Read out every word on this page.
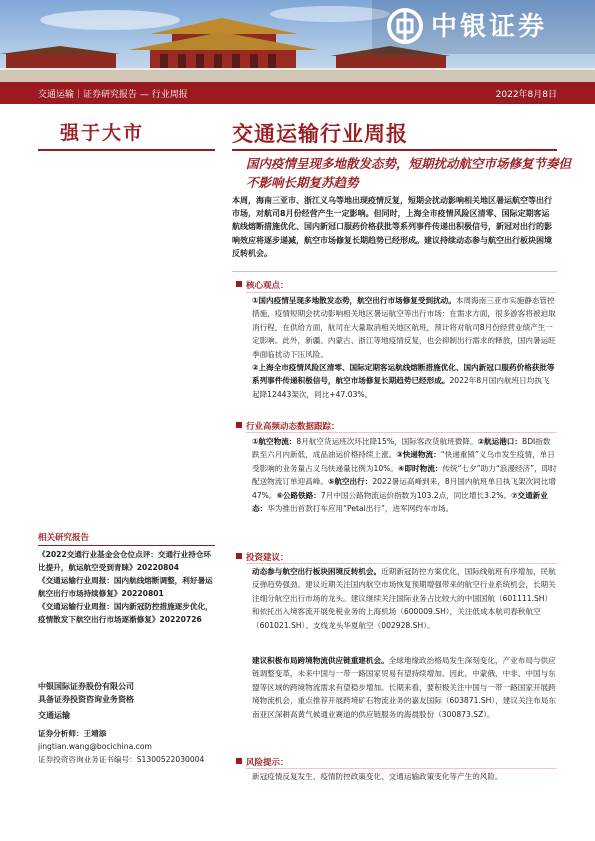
中银证券
交通运输｜证券研究报告 — 行业周报	2022年8月8日
强于大市	交通运输行业周报
国内疫情呈现多地散发态势，短期扰动航空市场修复节奏但不影响长期复苏趋势
本周，海南三亚市、浙江义乌等地出现疫情反复，短期会扰动影响相关地区暑运航空等出行市场，对航司8月份经营产生一定影响。但同时，上海全市疫情风险区清零、国际定期客运航线熔断措施优化、国内新冠口服药价格获批等系列事件传递出积极信号，新冠对出行的影响效应将逐步递减，航空市场修复长期趋势已经形成。建议持续动态参与航空出行板块困境反转机会。
核心观点：
①国内疫情呈现多地散发态势，航空出行市场修复受到扰动。本周海南三亚市实施静态管控措施，疫情短期会扰动影响相关地区暑运航空等出行市场：在需求方面，很多游客将被迫取消行程，在供给方面，航司在大量取消相关地区航班，预计将对航司8月份经营业绩产生一定影响。此外，新疆、内蒙古、浙江等地疫情反复，也会抑制出行需求的释放，国内暑运旺季面临扰动下压风险。
②上海全市疫情风险区清零、国际定期客运航线熔断措施优化、国内新冠口服药价格获批等系列事件传递积极信号，航空市场修复长期趋势已经形成。2022年8月国内航班日均执飞起降12443架次，同比+47.03%。
行业高频动态数据跟踪：
①航空物流：8月航空货运班次环比降15%，国际客改货航班微降。②航运港口：BDI指数跌至六月内新低，成品油运价格持续上涨。③快递物流：“快递重镇”义乌市发生疫情，单日受影响的业务量占义乌快递量比例为10%。④即时物流：传统“七夕”助力“浪漫经济”，即时配送物流订单迎高峰。⑤航空出行：2022暑运高峰到来，8月国内航班单日执飞架次同比增47%。⑥公路铁路：7月中国公路物流运价指数为103.2点，同比增长3.2%。⑦交通新业态：华为推出首款打车应用“Petal出行”，进军网约车市场。
投资建议：
动态参与航空出行板块困境反转机会。近期新冠防控方案优化，国际线航班有序增加，民航反弹趋势强劲。建议近期关注国内航空市场恢复预期增强带来的航空行业系统机会，长期关注细分航空出行市场的龙头。建议继续关注国际业务占比较大的中国国航（601111.SH）和依托出入境客流开展免税业务的上海机场（600009.SH），关注低成本航司春秋航空（601021.SH）、支线龙头华夏航空（002928.SH）。
建议积极布局跨境物流供应链重建机会。全球地缘政治格局发生深刻变化，产业布局与供应链调整变革，未来中国与一带一路国家贸易有望持续增加。因此，中蒙俄、中非、中国与东盟等区域的跨境物流需求有望稳步增加。长期来看，要积极关注中国与一带一路国家开展跨境物流机会，重点推荐开展跨境矿石物流业务的嘉友国际（603871.SH），建议关注布局东南亚区深耕高黄气候通业赛道的供应链服务的海晨股份（300873.SZ）。
风险提示：
新冠疫情反复发生、疫情防控政策变化、交通运输政策变化等产生的风险。
相关研究报告
《2022交通行业基金会仓位点评：交通行业持仓环比提升，航运航空受到青睐》20220804
《交通运输行业周报：国内航线熔断调整，利好暑运航空出行市场持续修复》20220801
《交通运输行业周报：国内新冠防控措施逐步优化，疫情散发下航空出行市场逐渐修复》20220726
中银国际证券股份有限公司
具备证券投资咨询业务资格
交通运输
证券分析师：王靖添
jingtian.wang@bocichina.com
证券投资咨询业务证书编号：S1300522030004
